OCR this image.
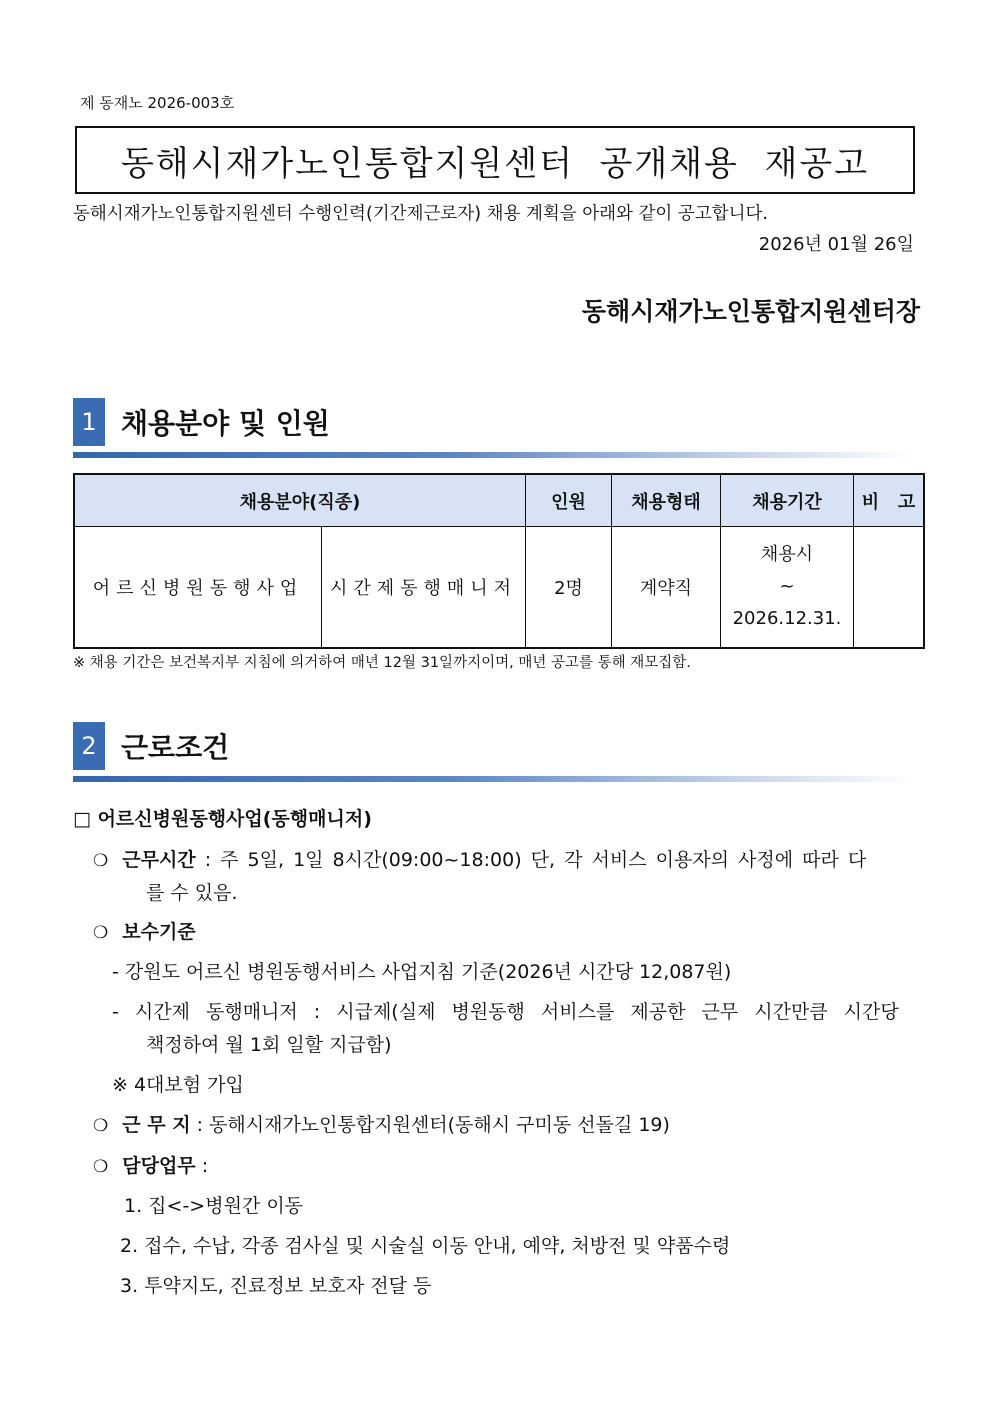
제 동재노 2026-003호
동해시재가노인통합지원센터  공개채용  재공고
동해시재가노인통합지원센터 수행인력(기간제근로자) 채용 계획을 아래와 같이 공고합니다.
2026년 01월 26일
동해시재가노인통합지원센터장
1 채용분야 및 인원
채용분야(직종)		인원	채용형태	채용기간	비   고
어르신병원동행사업	시간제동행매니저	2명	계약직	채용시
~
2026.12.31.	

※ 채용 기간은 보건복지부 지침에 의거하여 매년 12월 31일까지이며, 매년 공고를 통해 재모집함.
2 근로조건
□ 어르신병원동행사업(동행매니저)
❍ 근무시간 : 주 5일, 1일 8시간(09:00~18:00) 단, 각 서비스 이용자의 사정에 따라 다
를 수 있음.
❍ 보수기준
- 강원도 어르신 병원동행서비스 사업지침 기준(2026년 시간당 12,087원)
- 시간제 동행매니저 : 시급제(실제 병원동행 서비스를 제공한 근무 시간만큼 시간당
책정하여 월 1회 일할 지급함)
※ 4대보험 가입
❍ 근 무 지 : 동해시재가노인통합지원센터(동해시 구미동 선돌길 19)
❍ 담당업무 :
1. 집<->병원간 이동
2. 접수, 수납, 각종 검사실 및 시술실 이동 안내, 예약, 처방전 및 약품수령
3. 투약지도, 진료정보 보호자 전달 등
